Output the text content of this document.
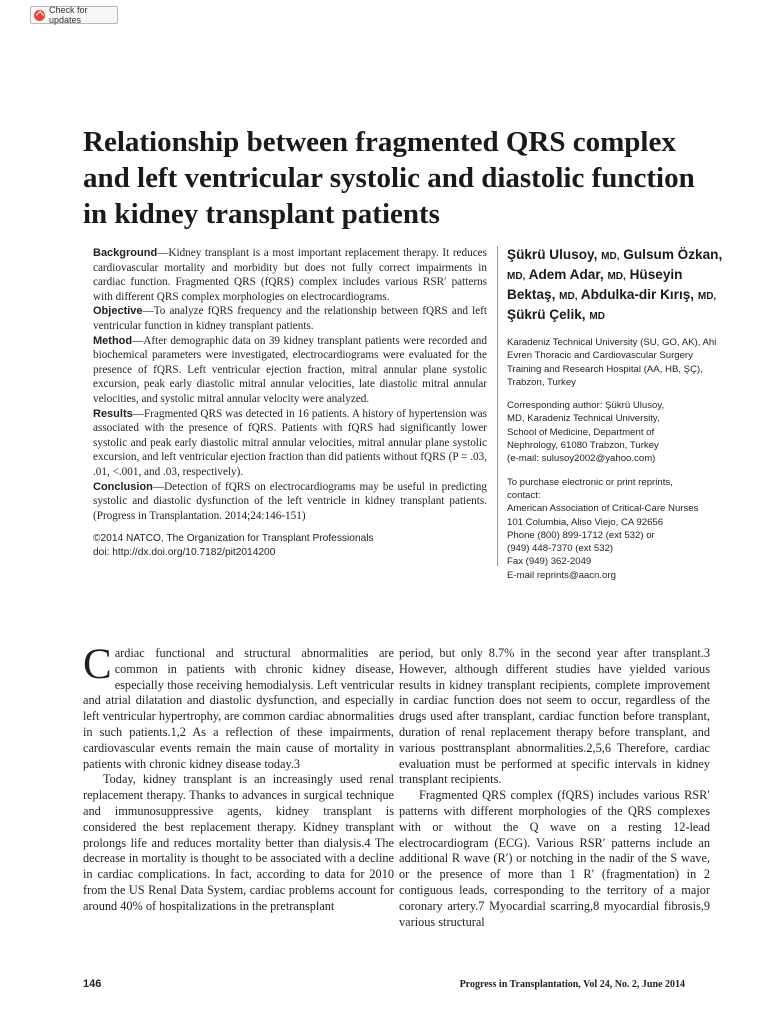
Check for updates
Relationship between fragmented QRS complex
and left ventricular systolic and diastolic function
in kidney transplant patients

Background—Kidney transplant is a most important replacement therapy. It reduces cardiovascular mortality and morbidity but does not fully correct impairments in cardiac function. Fragmented QRS (fQRS) complex includes various RSR′ patterns with different QRS complex morphologies on electrocardiograms.

Objective—To analyze fQRS frequency and the relationship between fQRS and left ventricular function in kidney transplant patients.

Method—After demographic data on 39 kidney transplant patients were recorded and biochemical parameters were investigated, electrocardiograms were evaluated for the presence of fQRS. Left ventricular ejection fraction, mitral annular plane systolic excursion, peak early diastolic mitral annular velocities, late diastolic mitral annular velocities, and systolic mitral annular velocity were analyzed.

Results—Fragmented QRS was detected in 16 patients. A history of hypertension was associated with the presence of fQRS. Patients with fQRS had significantly lower systolic and peak early diastolic mitral annular velocities, mitral annular plane systolic excursion, and left ventricular ejection fraction than did patients without fQRS (P = .03, .01, <.001, and .03, respectively).

Conclusion—Detection of fQRS on electrocardiograms may be useful in predicting systolic and diastolic dysfunction of the left ventricle in kidney transplant patients. (Progress in Transplantation. 2014;24:146-151)

©2014 NATCO, The Organization for Transplant Professionals
doi: http://dx.doi.org/10.7182/pit2014200
Şükrü Ulusoy, MD, Gulsum Özkan, MD, Adem Adar, MD, Hüseyin Bektaş, MD, Abdulka-dir Kırış, MD, Şükrü Çelik, MD
Karadeniz Technical University (SU, GO, AK), Ahi Evren Thoracic and Cardiovascular Surgery Training and Research Hospital (AA, HB, ŞÇ), Trabzon, Turkey
Corresponding author: Şükrü Ulusoy,
MD, Karadeniz Technical University,
School of Medicine, Department of
Nephrology, 61080 Trabzon, Turkey
(e-mail: sulusoy2002@yahoo.com)
To purchase electronic or print reprints,
contact:
American Association of Critical-Care Nurses
101 Columbia, Aliso Viejo, CA 92656
Phone (800) 899-1712 (ext 532) or
(949) 448-7370 (ext 532)
Fax (949) 362-2049
E-mail reprints@aacn.org

Cardiac functional and structural abnormalities are common in patients with chronic kidney disease, especially those receiving hemodialysis. Left ventricular and atrial dilatation and diastolic dysfunction, and especially left ventricular hypertrophy, are common cardiac abnormalities in such patients.1,2 As a reflection of these impairments, cardiovascular events remain the main cause of mortality in patients with chronic kidney disease today.3

Today, kidney transplant is an increasingly used renal replacement therapy. Thanks to advances in surgical technique and immunosuppressive agents, kidney transplant is considered the best replacement therapy. Kidney transplant prolongs life and reduces mortality better than dialysis.4 The decrease in mortality is thought to be associated with a decline in cardiac complications. In fact, according to data for 2010 from the US Renal Data System, cardiac problems account for around 40% of hospitalizations in the pretransplant

period, but only 8.7% in the second year after transplant.3 However, although different studies have yielded various results in kidney transplant recipients, complete improvement in cardiac function does not seem to occur, regardless of the drugs used after transplant, cardiac function before transplant, duration of renal replacement therapy before transplant, and various posttransplant abnormalities.2,5,6 Therefore, cardiac evaluation must be performed at specific intervals in kidney transplant recipients.

Fragmented QRS complex (fQRS) includes various RSR′ patterns with different morphologies of the QRS complexes with or without the Q wave on a resting 12-lead electrocardiogram (ECG). Various RSR′ patterns include an additional R wave (R′) or notching in the nadir of the S wave, or the presence of more than 1 R′ (fragmentation) in 2 contiguous leads, corresponding to the territory of a major coronary artery.7 Myocardial scarring,8 myocardial fibrosis,9 various structural

146	Progress in Transplantation, Vol 24, No. 2, June 2014
